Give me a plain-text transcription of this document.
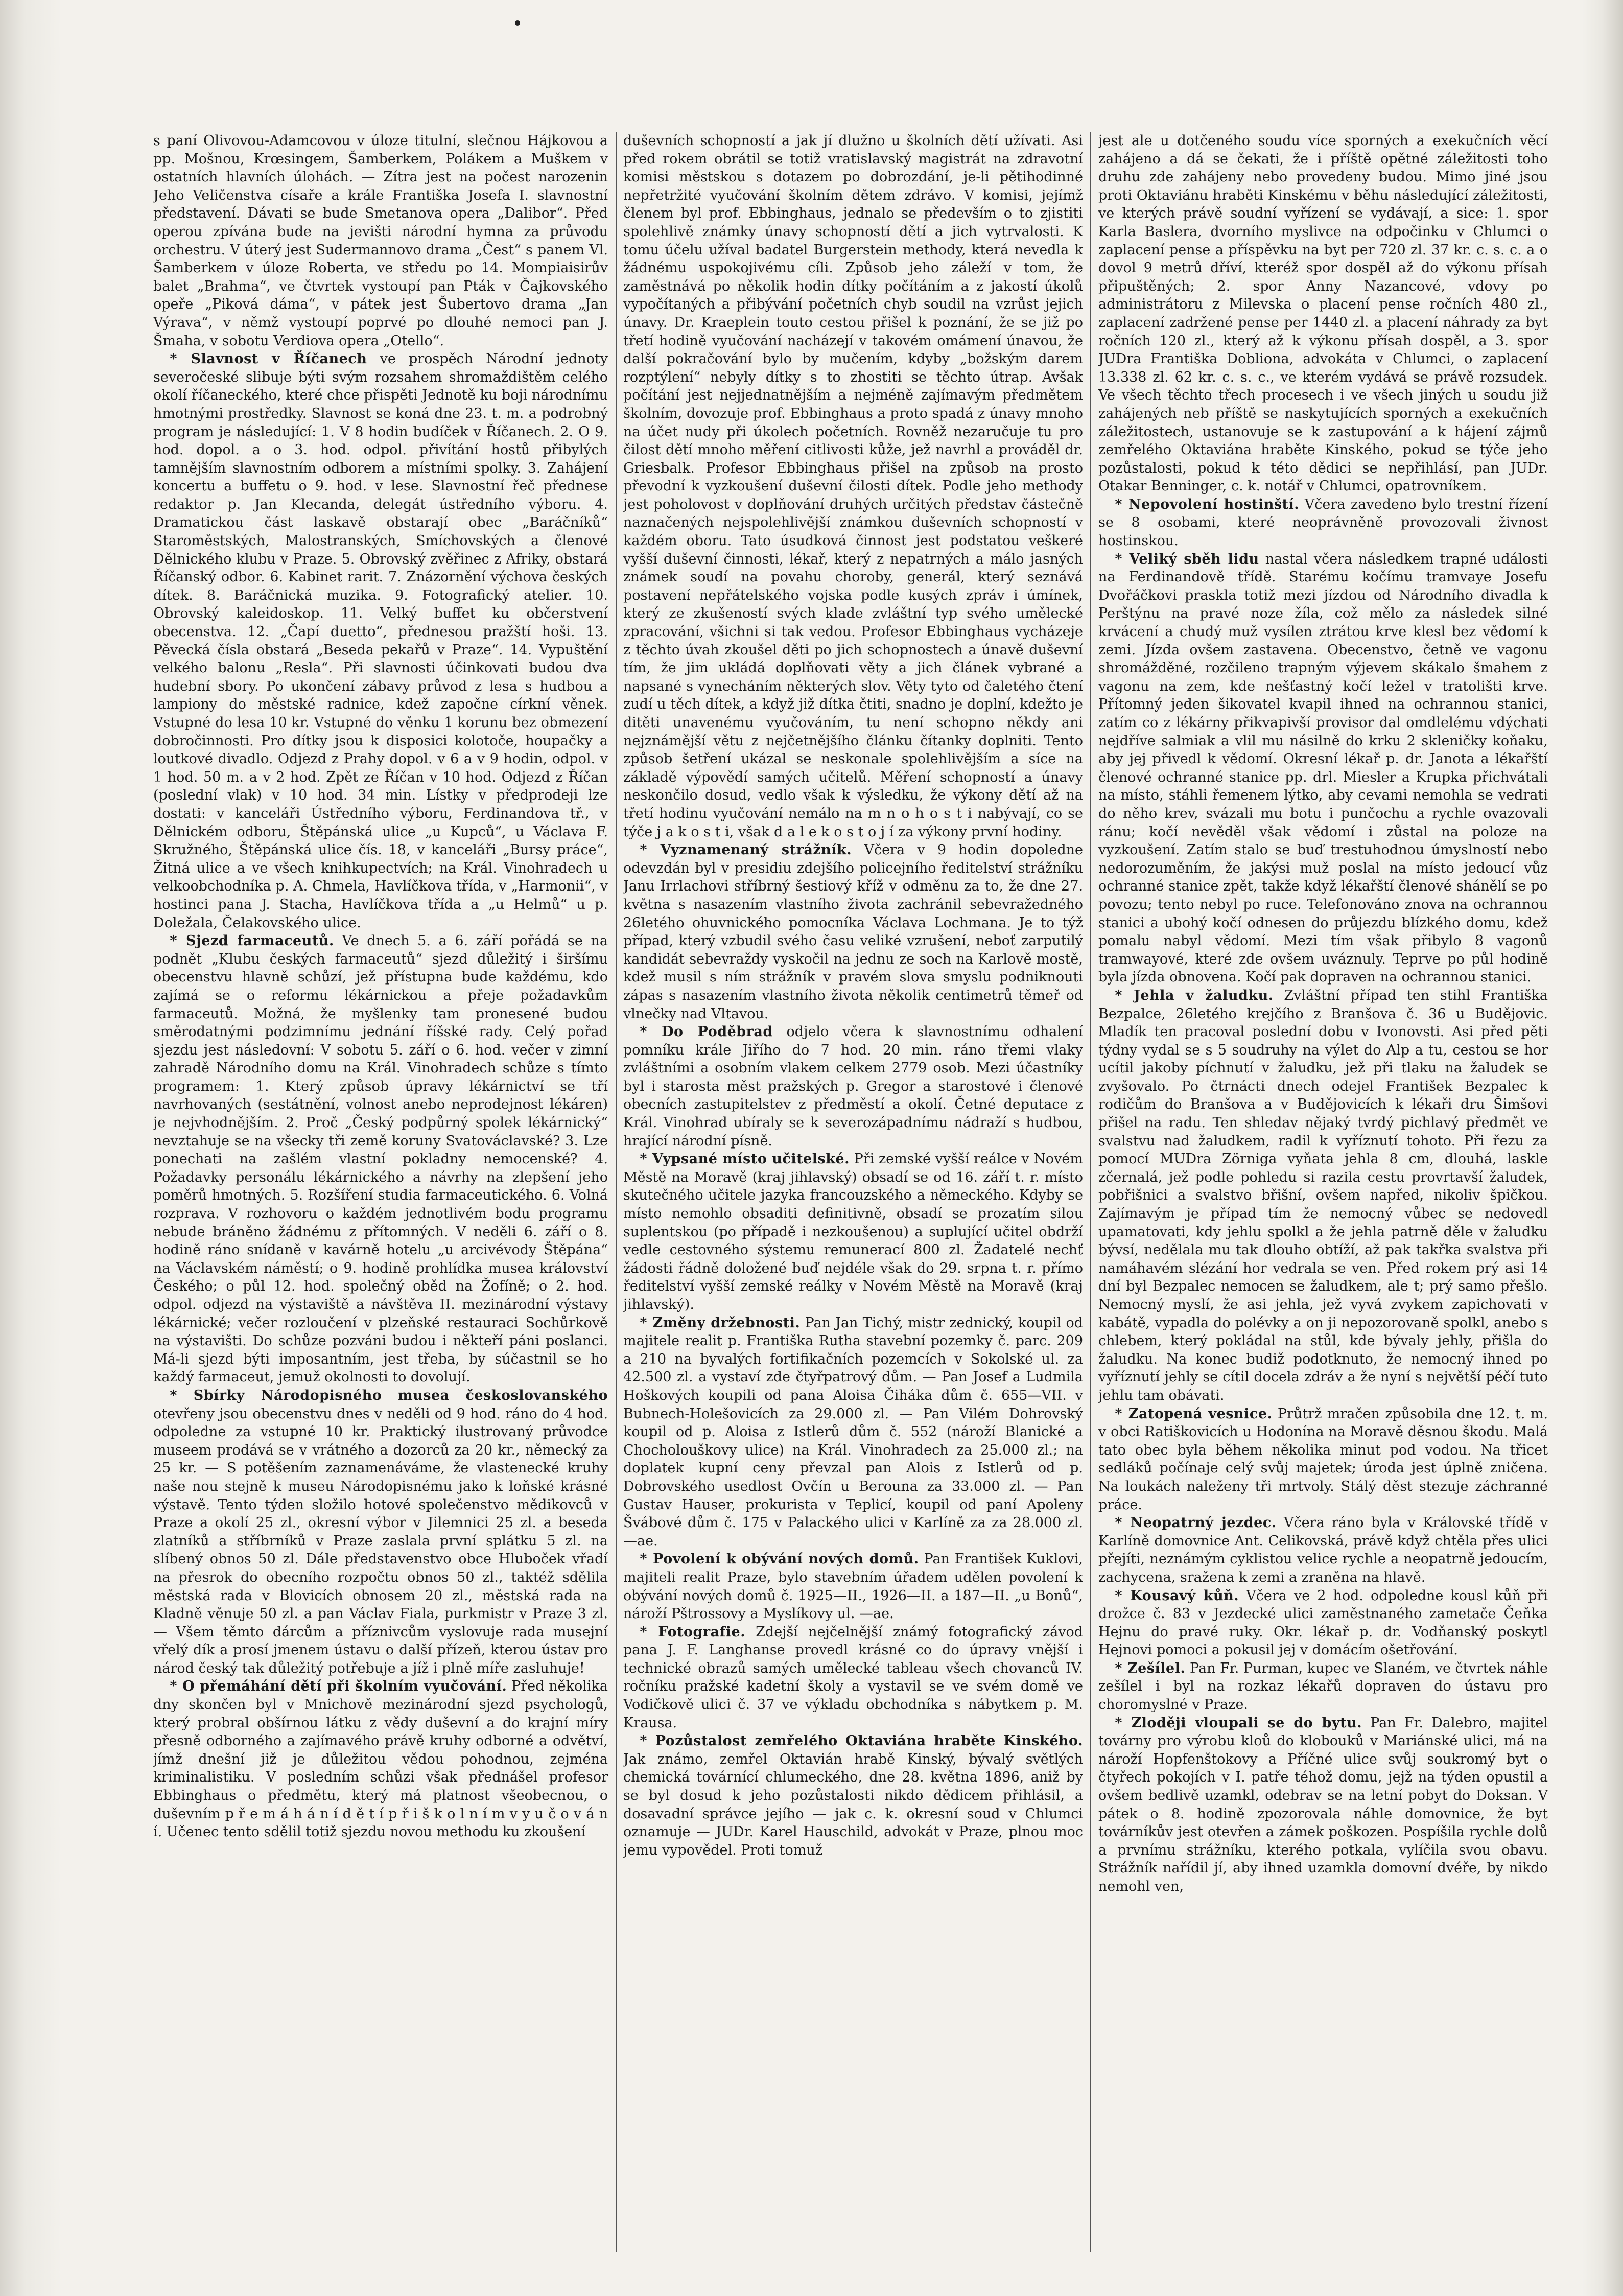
s paní Olivovou-Adamcovou v úloze titulní, slečnou Hájkovou a pp. Mošnou, Krœsingem, Šamberkem, Polákem a Muškem v ostatních hlavních úlohách. — Zítra jest na počest narozenin Jeho Veličenstva císaře a krále Františka Josefa I. slavnostní představení. Dávati se bude Smetanova opera „Dalibor“. Před operou zpívána bude na jevišti národní hymna za průvodu orchestru. V úterý jest Sudermannovo drama „Čest“ s panem Vl. Šamberkem v úloze Roberta, ve středu po 14. Mompiaisirův balet „Brahma“, ve čtvrtek vystoupí pan Pták v Čajkovského opeře „Piková dáma“, v pátek jest Šubertovo drama „Jan Výrava“, v němž vystoupí poprvé po dlouhé nemoci pan J. Šmaha, v sobotu Verdiova opera „Otello“.

* Slavnost v Říčanech ve prospěch Národní jednoty severočeské slibuje býti svým rozsahem shromaždištěm celého okolí říčaneckého, které chce přispěti Jednotě ku boji národnímu hmotnými prostředky. Slavnost se koná dne 23. t. m. a podrobný program je následující: 1. V 8 hodin budíček v Říčanech. 2. O 9. hod. dopol. a o 3. hod. odpol. přivítání hostů přibylých tamnějším slavnostním odborem a místními spolky. 3. Zahájení koncertu a buffetu o 9. hod. v lese. Slavnostní řeč přednese redaktor p. Jan Klecanda, delegát ústředního výboru. 4. Dramatickou část laskavě obstarají obec „Baráčníků“ Staroměstských, Malostranských, Smíchovských a členové Dělnického klubu v Praze. 5. Obrovský zvěřinec z Afriky, obstará Říčanský odbor. 6. Kabinet rarit. 7. Znázornění výchova českých dítek. 8. Baráčnická muzika. 9. Fotografický atelier. 10. Obrovský kaleidoskop. 11. Velký buffet ku občerstvení obecenstva. 12. „Čapí duetto“, přednesou pražští hoši. 13. Pěvecká čísla obstará „Beseda pekařů v Praze“. 14. Vypuštění velkého balonu „Resla“. Při slavnosti účinkovati budou dva hudební sbory. Po ukončení zábavy průvod z lesa s hudbou a lampiony do městské radnice, kdež započne církní věnek. Vstupné do lesa 10 kr. Vstupné do věnku 1 korunu bez obmezení dobročinnosti. Pro dítky jsou k disposici kolotoče, houpačky a loutkové divadlo. Odjezd z Prahy dopol. v 6 a v 9 hodin, odpol. v 1 hod. 50 m. a v 2 hod. Zpět ze Říčan v 10 hod. Odjezd z Říčan (poslední vlak) v 10 hod. 34 min. Lístky v předprodeji lze dostati: v kanceláři Ústředního výboru, Ferdinandova tř., v Dělnickém odboru, Štěpánská ulice „u Kupců“, u Václava F. Skružného, Štěpánská ulice čís. 18, v kanceláři „Bursy práce“, Žitná ulice a ve všech knihkupectvích; na Král. Vinohradech u velkoobchodníka p. A. Chmela, Havlíčkova třída, v „Harmonii“, v hostinci pana J. Stacha, Havlíčkova třída a „u Helmů“ u p. Doležala, Čelakovského ulice.

* Sjezd farmaceutů. Ve dnech 5. a 6. září pořádá se na podnět „Klubu českých farmaceutů“ sjezd důležitý i širšímu obecenstvu hlavně schůzí, jež přístupna bude každému, kdo zajímá se o reformu lékárnickou a přeje požadavkům farmaceutů. Možná, že myšlenky tam pronesené budou směrodatnými podzimnímu jednání říšské rady. Celý pořad sjezdu jest následovní: V sobotu 5. září o 6. hod. večer v zimní zahradě Národního domu na Král. Vinohradech schůze s tímto programem: 1. Který způsob úpravy lékárnictví se tří navrhovaných (sestátnění, volnost anebo neprodejnost lékáren) je nejvhodnějším. 2. Proč „Český podpůrný spolek lékárnický“ nevztahuje se na všecky tři země koruny Svatováclavské? 3. Lze ponechati na zašlém vlastní pokladny nemocenské? 4. Požadavky personálu lékárnického a návrhy na zlepšení jeho poměrů hmotných. 5. Rozšíření studia farmaceutického. 6. Volná rozprava. V rozhovoru o každém jednotlivém bodu programu nebude bráněno žádnému z přítomných. V neděli 6. září o 8. hodině ráno snídaně v kavárně hotelu „u arcivévody Štěpána“ na Václavském náměstí; o 9. hodině prohlídka musea království Českého; o půl 12. hod. společný oběd na Žofíně; o 2. hod. odpol. odjezd na výstaviště a návštěva II. mezinárodní výstavy lékárnické; večer rozloučení v plzeňské restauraci Sochůrkově na výstavišti. Do schůze pozváni budou i někteří páni poslanci. Má-li sjezd býti imposantním, jest třeba, by súčastnil se ho každý farmaceut, jemuž okolnosti to dovolují.

* Sbírky Národopisného musea českoslovanského otevřeny jsou obecenstvu dnes v neděli od 9 hod. ráno do 4 hod. odpoledne za vstupné 10 kr. Praktický ilustrovaný průvodce museem prodává se v vrátného a dozorců za 20 kr., německý za 25 kr. — S potěšením zaznamenáváme, že vlastenecké kruhy naše nou stejně k museu Národopisnému jako k loňské krásné výstavě. Tento týden složilo hotové společenstvo mědikovců v Praze a okolí 25 zl., okresní výbor v Jilemnici 25 zl. a beseda zlatníků a stříbrníků v Praze zaslala první splátku 5 zl. na slíbený obnos 50 zl. Dále představenstvo obce Hluboček vřadí na přesrok do obecního rozpočtu obnos 50 zl., taktéž sdělila městská rada v Blovicích obnosem 20 zl., městská rada na Kladně věnuje 50 zl. a pan Václav Fiala, purkmistr v Praze 3 zl. — Všem těmto dárcům a příznivcům vyslovuje rada musejní vřelý dík a prosí jmenem ústavu o další přízeň, kterou ústav pro národ český tak důležitý potřebuje a jíž i plně míře zasluhuje!

* O přemáhání dětí při školním vyučování. Před několika dny skončen byl v Mnichově mezinárodní sjezd psychologů, který probral obšírnou látku z vědy duševní a do krajní míry přesně odborného a zajímavého právě kruhy odborné a odvětví, jímž dnešní již je důležitou vědou pohodnou, zejména kriminalistiku. V posledním schůzi však přednášel profesor Ebbinghaus o předmětu, který má platnost všeobecnou, o duševním p ř e m á h á n í d ě t í p ř i š k o l n í m v y u č o v á n í. Učenec tento sdělil totiž sjezdu novou methodu ku zkoušení

duševních schopností a jak jí dlužno u školních dětí užívati. Asi před rokem obrátil se totiž vratislavský magistrát na zdravotní komisi městskou s dotazem po dobrozdání, je-li pětihodinné nepřetržité vyučování školním dětem zdrávo. V komisi, jejímž členem byl prof. Ebbinghaus, jednalo se především o to zjistiti spolehlivě známky únavy schopností dětí a jich vytrvalosti. K tomu účelu užíval badatel Burgerstein methody, která nevedla k žádnému uspokojivému cíli. Způsob jeho záleží v tom, že zaměstnává po několik hodin dítky počítáním a z jakostí úkolů vypočítaných a přibývání početních chyb soudil na vzrůst jejich únavy. Dr. Kraeplein touto cestou přišel k poznání, že se již po třetí hodině vyučování nacházejí v takovém omámení únavou, že další pokračování bylo by mučením, kdyby „božským darem rozptýlení“ nebyly dítky s to zhostiti se těchto útrap. Avšak počítání jest nejjednatnějším a nejméně zajímavým předmětem školním, dovozuje prof. Ebbinghaus a proto spadá z únavy mnoho na účet nudy při úkolech početních. Rovněž nezaručuje tu pro čilost dětí mnoho měření citlivosti kůže, jež navrhl a prováděl dr. Griesbalk. Profesor Ebbinghaus přišel na způsob na prosto převodní k vyzkoušení duševní čilosti dítek. Podle jeho methody jest poholovost v doplňování druhých určitých představ částečně naznačených nejspolehlivější známkou duševních schopností v každém oboru. Tato úsudková činnost jest podstatou veškeré vyšší duševní činnosti, lékař, který z nepatrných a málo jasných známek soudí na povahu choroby, generál, který seznává postavení nepřátelského vojska podle kusých zpráv i úmínek, který ze zkušeností svých klade zvláštní typ svého umělecké zpracování, všichni si tak vedou. Profesor Ebbinghaus vycházeje z těchto úvah zkoušel děti po jich schopnostech a únavě duševní tím, že jim ukládá doplňovati věty a jich článek vybrané a napsané s vynecháním některých slov. Věty tyto od čaletého čtení zudí u těch dítek, a když již dítka čtiti, snadno je doplní, kdežto je ditěti unavenému vyučováním, tu není schopno někdy ani nejznámější větu z nejčetnějšího článku čítanky doplniti. Tento způsob šetření ukázal se neskonale spolehlivějším a síce na základě výpovědí samých učitelů. Měření schopností a únavy neskončilo dosud, vedlo však k výsledku, že výkony dětí až na třetí hodinu vyučování nemálo na m n o h o s t i nabývají, co se týče j a k o s t i, však d a l e k o s t o j í za výkony první hodiny.

* Vyznamenaný strážník. Včera v 9 hodin dopoledne odevzdán byl v presidiu zdejšího policejního ředitelství strážníku Janu Irrlachovi stříbrný šestiový kříž v odměnu za to, že dne 27. května s nasazením vlastního života zachránil sebevražedného 26letého ohuvnického pomocníka Václava Lochmana. Je to týž případ, který vzbudil svého času veliké vzrušení, neboť zarputilý kandidát sebevraždy vyskočil na jednu ze soch na Karlově mostě, kdež musil s ním strážník v pravém slova smyslu podniknouti zápas s nasazením vlastního života několik centimetrů těmeř od vlnečky nad Vltavou.

* Do Poděbrad odjelo včera k slavnostnímu odhalení pomníku krále Jiřího do 7 hod. 20 min. ráno třemi vlaky zvláštními a osobním vlakem celkem 2779 osob. Mezi účastníky byl i starosta měst pražských p. Gregor a starostové i členové obecních zastupitelstev z předměstí a okolí. Četné deputace z Král. Vinohrad ubíraly se k severozápadnímu nádraží s hudbou, hrající národní písně.

* Vypsané místo učitelské. Při zemské vyšší reálce v Novém Městě na Moravě (kraj jihlavský) obsadí se od 16. září t. r. místo skutečného učitele jazyka francouzského a německého. Kdyby se místo nemohlo obsaditi definitivně, obsadí se prozatím silou suplentskou (po případě i nezkoušenou) a suplující učitel obdrží vedle cestovného sýstemu remunerací 800 zl. Žadatelé nechť žádosti řádně doložené buď nejdéle však do 29. srpna t. r. přímo ředitelství vyšší zemské reálky v Novém Městě na Moravě (kraj jihlavský).

* Změny držebnosti. Pan Jan Tichý, mistr zednický, koupil od majitele realit p. Františka Rutha stavební pozemky č. parc. 209 a 210 na byvalých fortifikačních pozemcích v Sokolské ul. za 42.500 zl. a vystaví zde čtyřpatrový dům. — Pan Josef a Ludmila Hoškových koupili od pana Aloisa Čiháka dům č. 655—VII. v Bubnech-Holešovicích za 29.000 zl. — Pan Vilém Dohrovský koupil od p. Aloisa z Istlerů dům č. 552 (nároží Blanické a Chocholouškovy ulice) na Král. Vinohradech za 25.000 zl.; na doplatek kupní ceny převzal pan Alois z Istlerů od p. Dobrovského usedlost Ovčín u Berouna za 33.000 zl. — Pan Gustav Hauser, prokurista v Teplicí, koupil od paní Apoleny Švábové dům č. 175 v Palackého ulici v Karlíně za za 28.000 zl. —ae.

* Povolení k obývání nových domů. Pan František Kuklovi, majiteli realit Praze, bylo stavebním úřadem udělen povolení k obývání nových domů č. 1925—II., 1926—II. a 187—II. „u Bonů“, nároží Pštrossovy a Myslíkovy ul. —ae.

* Fotografie. Zdejší nejčelnější známý fotografický závod pana J. F. Langhanse provedl krásné co do úpravy vnější i technické obrazů samých umělecké tableau všech chovanců IV. ročníku pražské kadetní školy a vystavil se ve svém domě ve Vodičkově ulici č. 37 ve výkladu obchodníka s nábytkem p. M. Krausa.

* Pozůstalost zemřelého Oktaviána hraběte Kinského. Jak známo, zemřel Oktavián hrabě Kinský, bývalý světlých chemická továrnící chlumeckého, dne 28. května 1896, aniž by se byl dosud k jeho pozůstalosti nikdo dědicem přihlásil, a dosavadní správce jejího — jak c. k. okresní soud v Chlumci oznamuje — JUDr. Karel Hauschild, advokát v Praze, plnou moc jemu vypovědel. Proti tomuž

jest ale u dotčeného soudu více sporných a exekučních věcí zahájeno a dá se čekati, že i příště opětné záležitosti toho druhu zde zahájeny nebo provedeny budou. Mimo jiné jsou proti Oktaviánu hraběti Kinskému v běhu následující záležitosti, ve kterých právě soudní vyřízení se vydávají, a sice: 1. spor Karla Baslera, dvorního myslivce na odpočinku v Chlumci o zaplacení pense a příspěvku na byt per 720 zl. 37 kr. c. s. c. a o dovol 9 metrů dříví, kteréž spor dospěl až do výkonu přísah připuštěných; 2. spor Anny Nazancové, vdovy po administrátoru z Milevska o placení pense ročních 480 zl., zaplacení zadržené pense per 1440 zl. a placení náhrady za byt ročních 120 zl., který až k výkonu přísah dospěl, a 3. spor JUDra Františka Dobliona, advokáta v Chlumci, o zaplacení 13.338 zl. 62 kr. c. s. c., ve kterém vydává se právě rozsudek. Ve všech těchto třech procesech i ve všech jiných u soudu již zahájených neb příště se naskytujících sporných a exekučních záležitostech, ustanovuje se k zastupování a k hájení zájmů zemřelého Oktaviána hraběte Kinského, pokud se týče jeho pozůstalosti, pokud k této dědici se nepřihlásí, pan JUDr. Otakar Benninger, c. k. notář v Chlumci, opatrovníkem.

* Nepovolení hostinští. Včera zavedeno bylo trestní řízení se 8 osobami, které neoprávněně provozovali živnost hostinskou.

* Veliký sběh lidu nastal včera následkem trapné události na Ferdinandově třídě. Starému kočímu tramvaye Josefu Dvořáčkovi praskla totiž mezi jízdou od Národního divadla k Perštýnu na pravé noze žíla, což mělo za následek silné krvácení a chudý muž vysílen ztrátou krve klesl bez vědomí k zemi. Jízda ovšem zastavena. Obecenstvo, četně ve vagonu shromážděné, rozčileno trapným výjevem skákalo šmahem z vagonu na zem, kde nešťastný kočí ležel v tratolišti krve. Přítomný jeden šikovatel kvapil ihned na ochrannou stanici, zatím co z lékárny přikvapivší provisor dal omdlelému vdýchati nejdříve salmiak a vlil mu násilně do krku 2 skleničky koňaku, aby jej přivedl k vědomí. Okresní lékař p. dr. Janota a lékařští členové ochranné stanice pp. drl. Miesler a Krupka přichvátali na místo, stáhli řemenem lýtko, aby cevami nemohla se vedrati do něho krev, svázali mu botu i punčochu a rychle ovazovali ránu; kočí nevěděl však vědomí i zůstal na poloze na vyzkoušení. Zatím stalo se buď trestuhodnou úmyslností nebo nedorozuměním, že jakýsi muž poslal na místo jedoucí vůz ochranné stanice zpět, takže když lékařští členové shánělí se po povozu; tento nebyl po ruce. Telefonováno znova na ochrannou stanici a ubohý kočí odnesen do průjezdu blízkého domu, kdež pomalu nabyl vědomí. Mezi tím však přibylo 8 vagonů tramwayové, které zde ovšem uváznuly. Teprve po půl hodině byla jízda obnovena. Kočí pak dopraven na ochrannou stanici.

* Jehla v žaludku. Zvláštní případ ten stihl Františka Bezpalce, 26letého krejčího z Branšova č. 36 u Budějovic. Mladík ten pracoval poslední dobu v Ivonovsti. Asi před pěti týdny vydal se s 5 soudruhy na výlet do Alp a tu, cestou se hor ucítil jakoby píchnutí v žaludku, jež při tlaku na žaludek se zvyšovalo. Po čtrnácti dnech odejel František Bezpalec k rodičům do Branšova a v Budějovicích k lékaři dru Šimšovi přišel na radu. Ten shledav nějaký tvrdý pichlavý předmět ve svalstvu nad žaludkem, radil k vyříznutí tohoto. Při řezu za pomocí MUDra Zörniga vyňata jehla 8 cm, dlouhá, laskle zčernalá, jež podle pohledu si razila cestu provrtavší žaludek, pobřišnici a svalstvo břišní, ovšem napřed, nikoliv špičkou. Zajímavým je případ tím že nemocný vůbec se nedovedl upamatovati, kdy jehlu spolkl a že jehla patrně děle v žaludku bývsí, nedělala mu tak dlouho obtíží, až pak takřka svalstva při namáhavém slézání hor vedrala se ven. Před rokem prý asi 14 dní byl Bezpalec nemocen se žaludkem, ale t; prý samo přešlo. Nemocný myslí, že asi jehla, jež vyvá zvykem zapichovati v kabátě, vypadla do polévky a on ji nepozorovaně spolkl, anebo s chlebem, který pokládal na stůl, kde bývaly jehly, přišla do žaludku. Na konec budiž podotknuto, že nemocný ihned po vyříznutí jehly se cítil docela zdráv a že nyní s největší péčí tuto jehlu tam obávati.

* Zatopená vesnice. Průtrž mračen způsobila dne 12. t. m. v obci Ratiškovicích u Hodonína na Moravě děsnou škodu. Malá tato obec byla během několika minut pod vodou. Na třicet sedláků počínaje celý svůj majetek; úroda jest úplně zničena. Na loukách naleženy tři mrtvoly. Stálý děst stezuje záchranné práce.

* Neopatrný jezdec. Včera ráno byla v Královské třídě v Karlíně domovnice Ant. Celikovská, právě když chtěla přes ulici přejíti, neznámým cyklistou velice rychle a neopatrně jedoucím, zachycena, sražena k zemi a zraněna na hlavě.

* Kousavý kůň. Včera ve 2 hod. odpoledne kousl kůň při drožce č. 83 v Jezdecké ulici zaměstnaného zametače Čeňka Hejnu do pravé ruky. Okr. lékař p. dr. Vodňanský poskytl Hejnovi pomoci a pokusil jej v domácím ošetřování.

* Zešílel. Pan Fr. Purman, kupec ve Slaném, ve čtvrtek náhle zešílel i byl na rozkaz lékařů dopraven do ústavu pro choromyslné v Praze.

* Zloději vloupali se do bytu. Pan Fr. Dalebro, majitel továrny pro výrobu kloů do klobouků v Mariánské ulici, má na nároží Hopfenštokovy a Příčné ulice svůj soukromý byt o čtyřech pokojích v I. patře téhož domu, jejž na týden opustil a ovšem bedlivě uzamkl, odebrav se na letní pobyt do Doksan. V pátek o 8. hodině zpozorovala náhle domovnice, že byt továrníkův jest otevřen a zámek poškozen. Pospíšila rychle dolů a prvnímu strážníku, kterého potkala, vylíčila svou obavu. Strážník nařídil jí, aby ihned uzamkla domovní dvéře, by nikdo nemohl ven,
